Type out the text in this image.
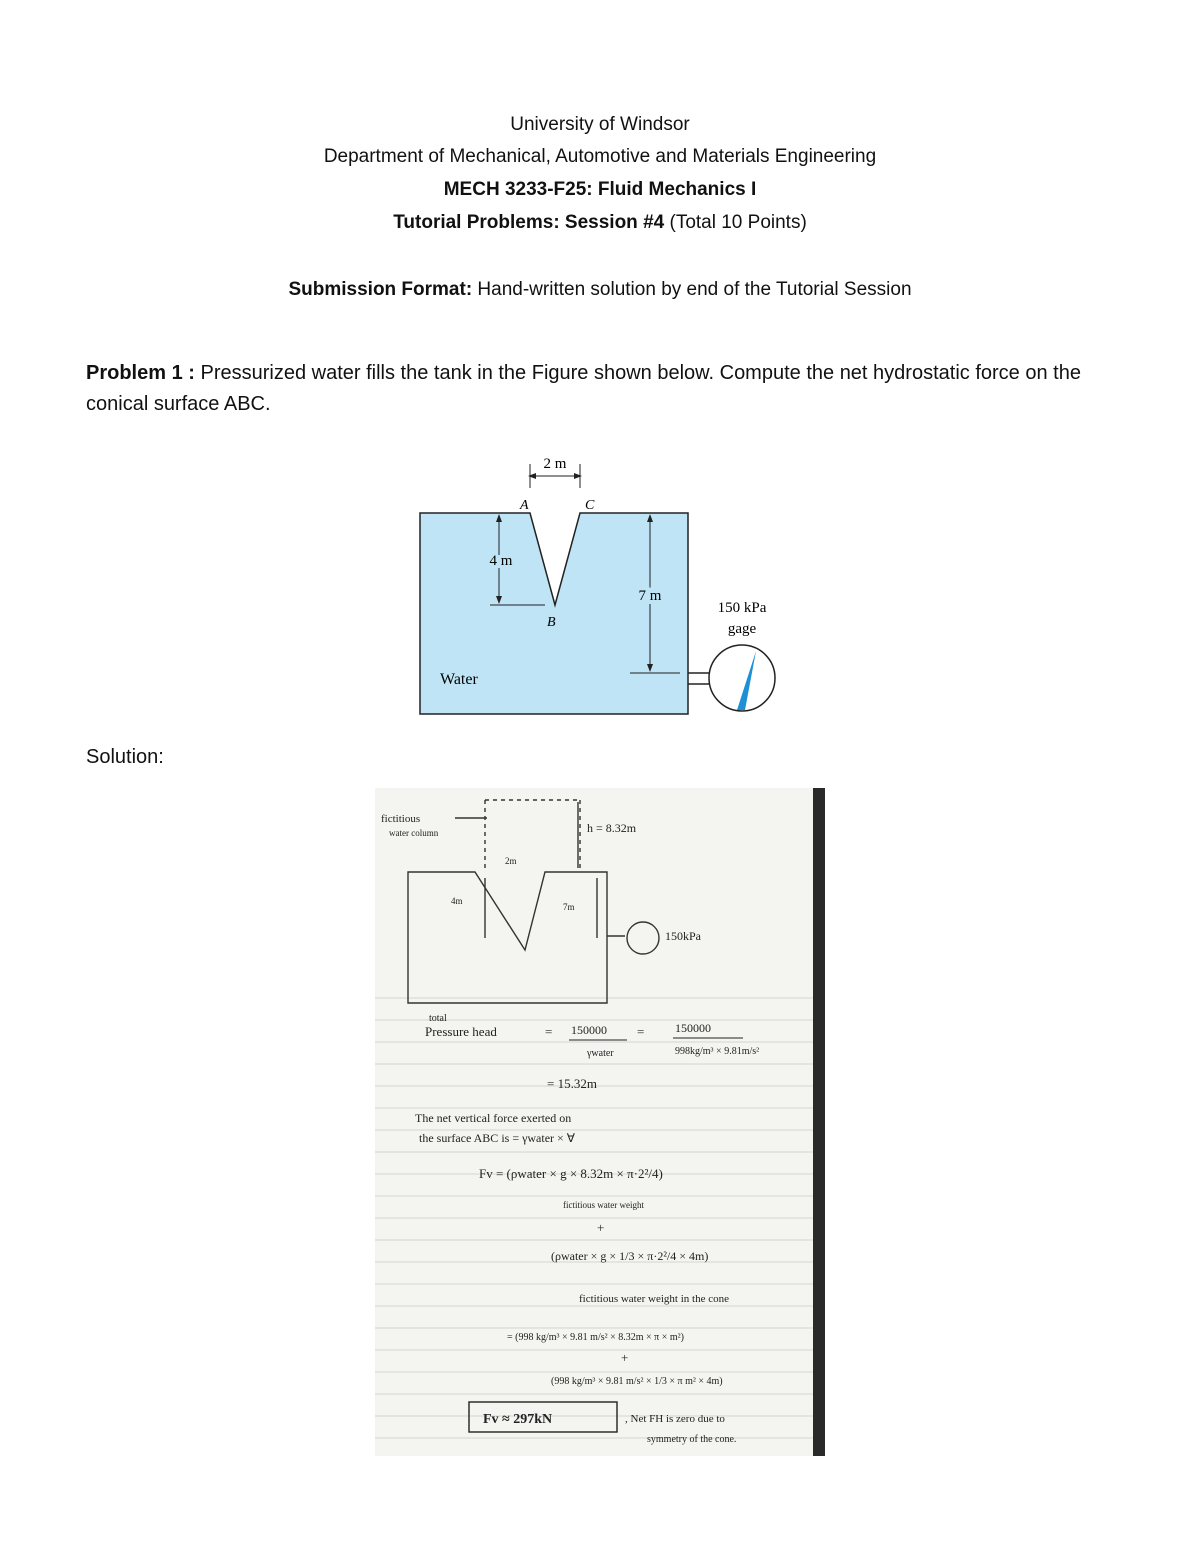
University of Windsor
Department of Mechanical, Automotive and Materials Engineering
MECH 3233-F25: Fluid Mechanics I
Tutorial Problems: Session #4 (Total 10 Points)
Submission Format: Hand-written solution by end of the Tutorial Session
Problem 1 : Pressurized water fills the tank in the Figure shown below. Compute the net hydrostatic force on the conical surface ABC.
2 m
A	C
B
4 m
7 m
150 kPa
gage
Water
Solution:
fictitious
water column	h = 8.32m
2m
4m
7m
150kPa
total
Pressure head	= 150000
γwater
=	150000
998kg/m³ × 9.81m/s²
= 15.32m
The net vertical force exerted on
the surface ABC is = γwater × ∀
Fv = (ρwater × g × 8.32m × π·2²/4)
fictitious water weight
+
(ρwater × g × 1/3 × π·2²/4 × 4m)
fictitious water weight in the cone
= (998 kg/m³ × 9.81 m/s² × 8.32m × π × m²)
+
(998 kg/m³ × 9.81 m/s² × 1/3 × π m² × 4m)
Fv ≈ 297kN	, Net FH is zero due to
symmetry of the cone.
